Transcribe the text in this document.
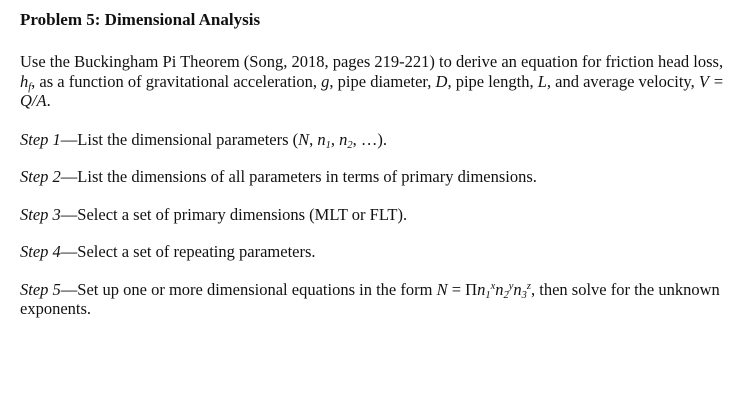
Problem 5: Dimensional Analysis

Use the Buckingham Pi Theorem (Song, 2018, pages 219-221) to derive an equation for friction head loss, $h_f$, as a function of gravitational acceleration, g, pipe diameter, D, pipe length, L, and average velocity, V = Q/A.

Step 1—List the dimensional parameters (N, $n_1$, $n_2$, …).

Step 2—List the dimensions of all parameters in terms of primary dimensions.

Step 3—Select a set of primary dimensions (MLT or FLT).

Step 4—Select a set of repeating parameters.

Step 5—Set up one or more dimensional equations in the form $N = \Pi n_1^xn_2^yn_3^z$, then solve for the unknown exponents.
